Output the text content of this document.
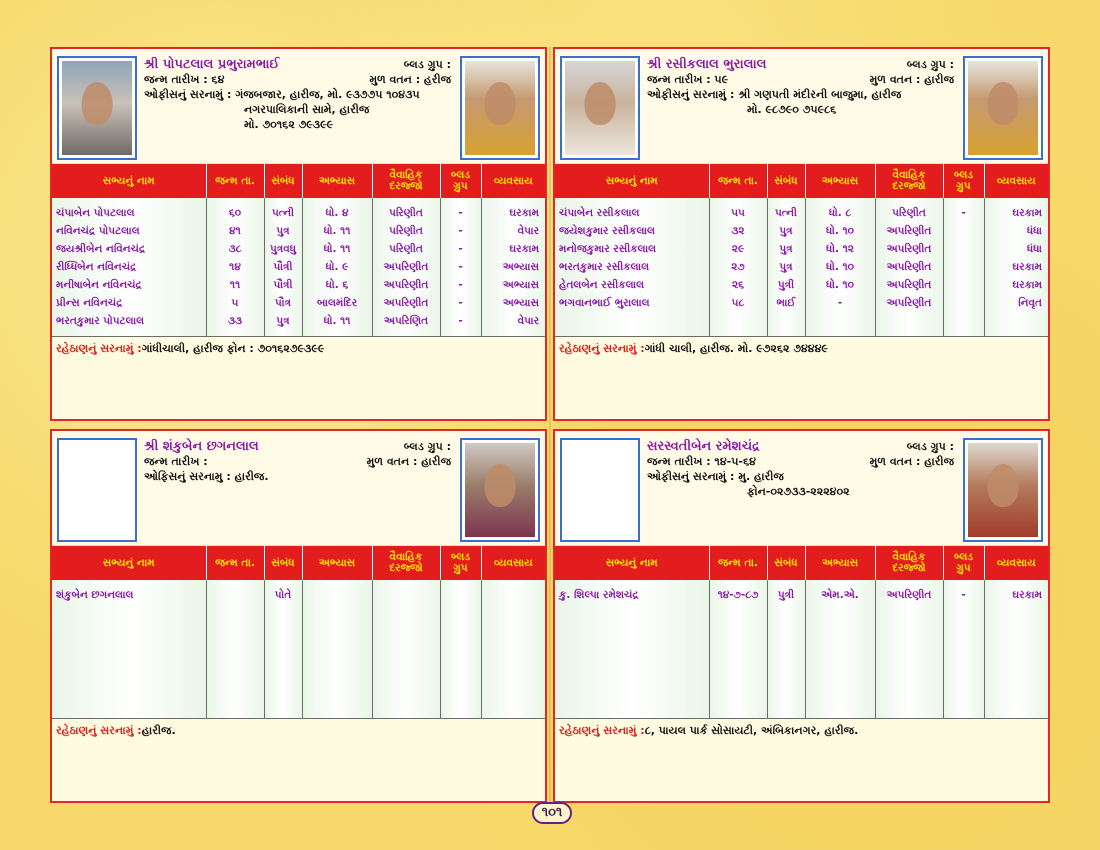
શ્રી પોપટલાલ પ્રભુરામભાઈ	બ્લડ ગ્રુપ :
જન્મ તારીખ : ૬૪	મુળ વતન : હરીજ
ઓફીસનું સરનામું : ગંજબજાર, હારીજ, મો. ૯૩૭૭૫ ૧૦૪૩૫
નગરપાલિકાની સામે, હારીજ
મો. ૭૦૧૬૨ ૭૯૩૯૯
સભ્યનું નામ	જન્મ તા.	સંબંધ	અભ્યાસ	વૈવાહિક દરજ્જો	બ્લડ ગ્રુપ	વ્યવસાય

ચંપાબેન પોપટલાલ	૬૦	પત્ની	ધો. ૪	પરિણીત	-	ઘરકામ
નવિનચંદ્ર પોપટલાલ	૪૧	પુત્ર	ધો. ૧૧	પરિણીત	-	વેપાર
જયશ્રીબેન નવિનચંદ્ર	૩૮	પુત્રવધુ	ધો. ૧૧	પરિણીત	-	ઘરકામ
રીધ્ધિબેન નવિનચંદ્ર	૧૪	પૌત્રી	ધો. ૯	અપરિણીત	-	અભ્યાસ
મનીષાબેન નવિનચંદ્ર	૧૧	પૌત્રી	ધો. ૬	અપરિણીત	-	અભ્યાસ
પ્રીન્સ નવિનચંદ્ર	૫	પૌત્ર	બાલમંદિર	અપરિણીત	-	અભ્યાસ
ભરતકુમાર પોપટલાલ	૩૩	પુત્ર	ધો. ૧૧	અપરિણિત	-	વેપાર

રહેઠાણનું સરનામું :ગાંધીચાલી, હારીજ ફોન : ૭૦૧૬૨૭૯૩૯૯
શ્રી રસીકલાલ ભુરાલાલ	બ્લડ ગ્રુપ :
જન્મ તારીખ : ૫૯	મુળ વતન : હારીજ
ઓફીસનું સરનામું : શ્રી ગણપતી મંદીરની બાજુમા, હારીજ
મો. ૯૮૭૯૦ ૭૫૯૮૬
સભ્યનું નામ	જન્મ તા.	સંબંધ	અભ્યાસ	વૈવાહિક દરજ્જો	બ્લડ ગ્રુપ	વ્યવસાય

ચંપાબેન રસીકલાલ	૫૫	પત્ની	ધો. ૮	પરિણીત	-	ઘરકામ
જયેશકુમાર રસીકલાલ	૩૨	પુત્ર	ધો. ૧૦	અપરિણીત		ધંધા
મનોજકુમાર રસીકલાલ	૨૯	પુત્ર	ધો. ૧૨	અપરિણીત		ધંધા
ભરતકુમાર રસીકલાલ	૨૭	પુત્ર	ધો. ૧૦	અપરિણીત		ઘરકામ
હેતલબેન રસીકલાલ	૨૬	પુત્રી	ધો. ૧૦	અપરિણીત		ઘરકામ
ભગવાનભાઈ ભુરાલાલ	૫૮	ભાઈ	-	અપરિણીત		નિવૃત

રહેઠાણનું સરનામું :ગાંધી ચાલી, હારીજ. મો. ૯૭૨૬૨ ૭૪૪૪૯
શ્રી શંકુબેન છગનલાલ	બ્લડ ગ્રુપ :
જન્મ તારીખ :	મુળ વતન : હારીજ
ઓફિસનું સરનામુ : હારીજ.
સભ્યનું નામ	જન્મ તા.	સંબંધ	અભ્યાસ	વૈવાહિક દરજ્જો	બ્લડ ગ્રુપ	વ્યવસાય

શંકુબેન છગનલાલ		પોતે				

રહેઠાણનું સરનામું :હારીજ.
સરસ્વતીબેન રમેશચંદ્ર	બ્લડ ગ્રુપ :
જન્મ તારીખ : ૧૪-૫-૬૪	મુળ વતન : હારીજ
ઓફીસનું સરનામું : મુ. હારીજ
ફોન-૦૨૭૩૩-૨૨૨૪૦૨
સભ્યનું નામ	જન્મ તા.	સંબંધ	અભ્યાસ	વૈવાહિક દરજ્જો	બ્લડ ગ્રુપ	વ્યવસાય

કુ. શિલ્પા રમેશચંદ્ર	૧૪-૭-૮૭	પુત્રી	એમ.એ.	અપરિણીત	-	ઘરકામ

રહેઠાણનું સરનામું :૮, પાયલ પાર્ક સોસાયટી, અંબિકાનગર, હારીજ.
૧૦૧
